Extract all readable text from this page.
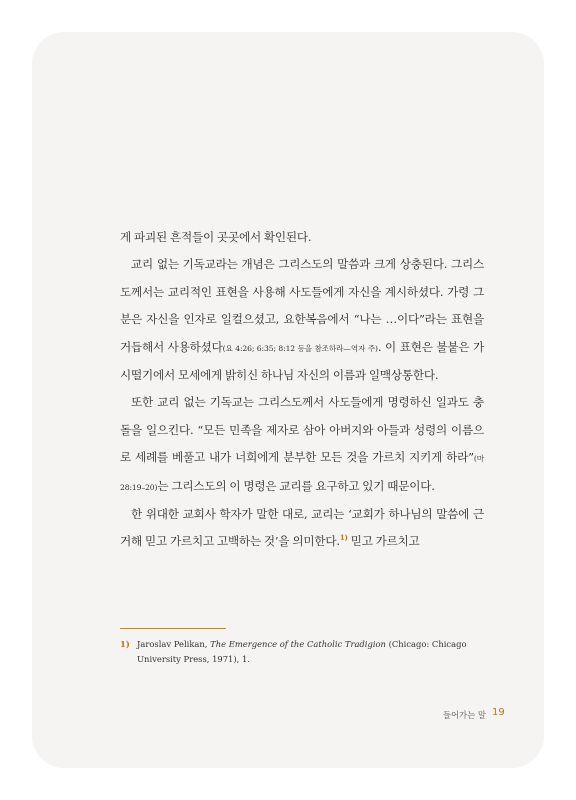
게 파괴된 흔적들이 곳곳에서 확인된다.

교리 없는 기독교라는 개념은 그리스도의 말씀과 크게 상충된다. 그리스도께서는 교리적인 표현을 사용해 사도들에게 자신을 계시하셨다. 가령 그분은 자신을 인자로 일컬으셨고, 요한복음에서 “나는 …이다”라는 표현을 거듭해서 사용하셨다(요 4:26; 6:35; 8:12 등을 참조하라—역자 주). 이 표현은 불붙은 가시떨기에서 모세에게 밝히신 하나님 자신의 이름과 일맥상통한다.

또한 교리 없는 기독교는 그리스도께서 사도들에게 명령하신 일과도 충돌을 일으킨다. “모든 민족을 제자로 삼아 아버지와 아들과 성령의 이름으로 세례를 베풀고 내가 너희에게 분부한 모든 것을 가르치 지키게 하라”(마 28:19–20)는 그리스도의 이 명령은 교리를 요구하고 있기 때문이다.

한 위대한 교회사 학자가 말한 대로, 교리는 ‘교회가 하나님의 말씀에 근거해 믿고 가르치고 고백하는 것’을 의미한다.$^{1)}$ 믿고 가르치고

1) Jaroslav Pelikan, The Emergence of the Catholic Tradigion (Chicago: Chicago University Press, 1971), 1.
들어가는 말 19
